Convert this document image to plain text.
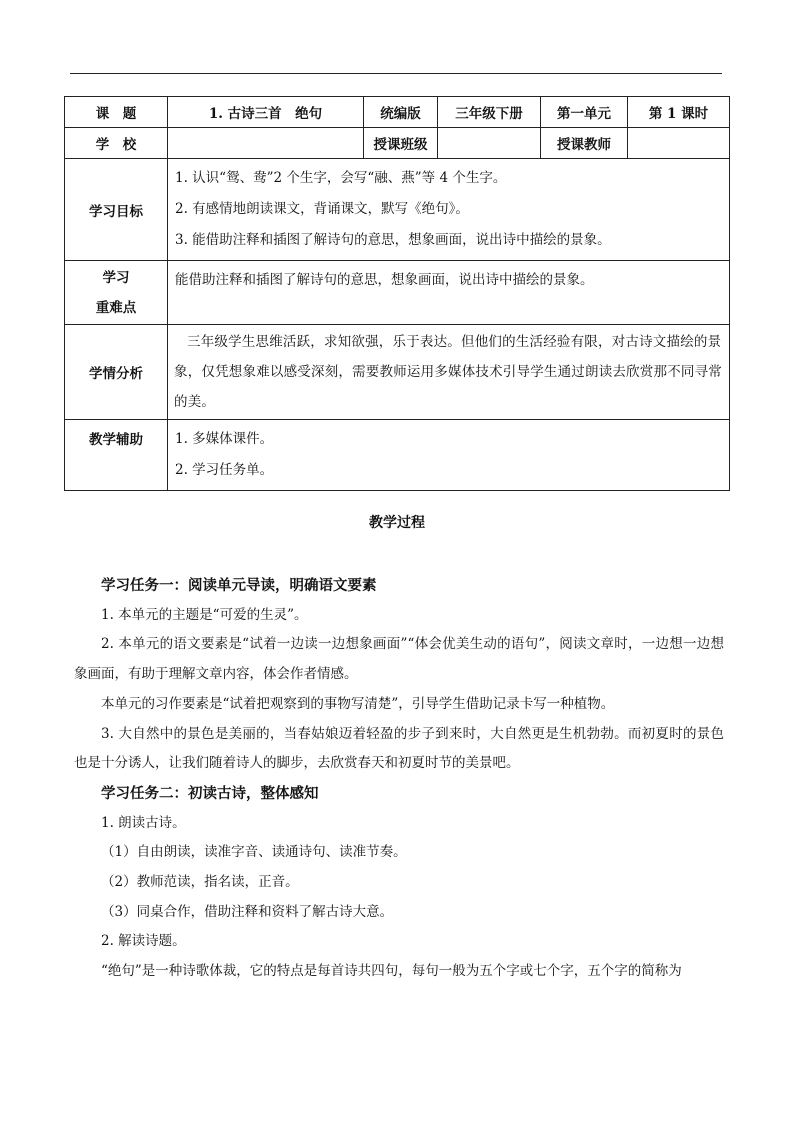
课　题	1. 古诗三首　绝句	统编版	三年级下册	第一单元	第 1 课时
学　校		授课班级		授课教师	
学习目标	1. 认识“鸳、鸯”2 个生字，会写“融、燕”等 4 个生字。
2. 有感情地朗读课文，背诵课文，默写《绝句》。
3. 能借助注释和插图了解诗句的意思，想象画面，说出诗中描绘的景象。				

学习
重难点	能借助注释和插图了解诗句的意思，想象画面，说出诗中描绘的景象。				
学情分析	三年级学生思维活跃，求知欲强，乐于表达。但他们的生活经验有限，对古诗文描绘的景象，仅凭想象难以感受深刻，需要教师运用多媒体技术引导学生通过朗读去欣赏那不同寻常的美。				
教学辅助	1. 多媒体课件。
2. 学习任务单。				
教学过程

学习任务一：阅读单元导读，明确语文要素

1. 本单元的主题是“可爱的生灵”。

2. 本单元的语文要素是“试着一边读一边想象画面”“体会优美生动的语句”，阅读文章时，一边想一边想象画面，有助于理解文章内容，体会作者情感。

本单元的习作要素是“试着把观察到的事物写清楚”，引导学生借助记录卡写一种植物。

3. 大自然中的景色是美丽的，当春姑娘迈着轻盈的步子到来时，大自然更是生机勃勃。而初夏时的景色也是十分诱人，让我们随着诗人的脚步，去欣赏春天和初夏时节的美景吧。

学习任务二：初读古诗，整体感知

1. 朗读古诗。

（1）自由朗读，读准字音、读通诗句、读准节奏。

（2）教师范读，指名读，正音。

（3）同桌合作，借助注释和资料了解古诗大意。

2. 解读诗题。

“绝句”是一种诗歌体裁，它的特点是每首诗共四句，每句一般为五个字或七个字，五个字的简称为
